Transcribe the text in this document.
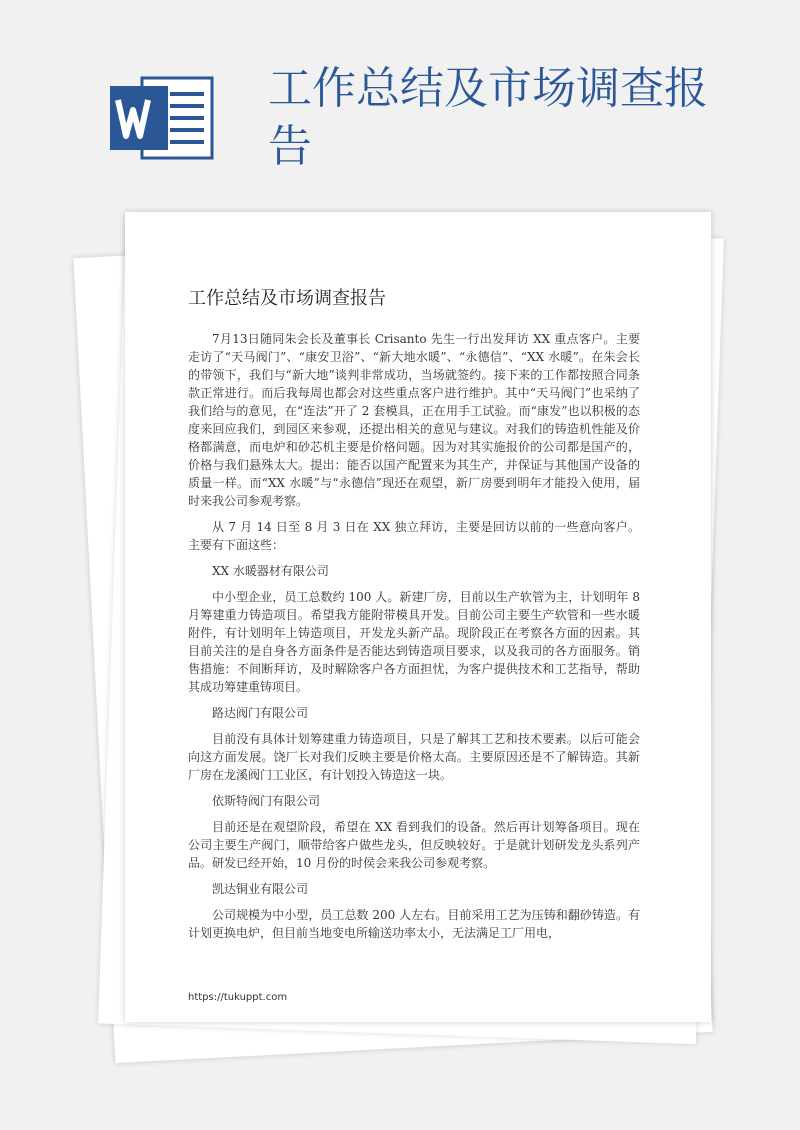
工作总结及市场调查报告
工作总结及市场调查报告

7月13日随同朱会长及董事长 Crisanto 先生一行出发拜访 XX 重点客户。主要走访了“天马阀门”、“康安卫浴”、“新大地水暖”、“永德信”、“XX 水暖”。在朱会长的带领下，我们与“新大地”谈判非常成功，当场就签约。接下来的工作都按照合同条款正常进行。而后我每周也都会对这些重点客户进行维护。其中“天马阀门”也采纳了我们给与的意见，在“连法”开了 2 套模具，正在用手工试验。而“康发”也以积极的态度来回应我们，到园区来参观，还提出相关的意见与建议。对我们的铸造机性能及价格都满意，而电炉和砂芯机主要是价格问题。因为对其实施报价的公司都是国产的，价格与我们悬殊太大。提出：能否以国产配置来为其生产，并保证与其他国产设备的质量一样。而“XX 水暖”与“永德信”现还在观望，新厂房要到明年才能投入使用，届时来我公司参观考察。

从 7 月 14 日至 8 月 3 日在 XX 独立拜访，主要是回访以前的一些意向客户。主要有下面这些：

XX 水暖器材有限公司

中小型企业，员工总数约 100 人。新建厂房，目前以生产软管为主，计划明年 8 月筹建重力铸造项目。希望我方能附带模具开发。目前公司主要生产软管和一些水暖附件，有计划明年上铸造项目，开发龙头新产品。现阶段正在考察各方面的因素。其目前关注的是自身各方面条件是否能达到铸造项目要求，以及我司的各方面服务。销售措施：不间断拜访，及时解除客户各方面担忧，为客户提供技术和工艺指导，帮助其成功筹建重铸项目。

路达阀门有限公司

目前没有具体计划筹建重力铸造项目，只是了解其工艺和技术要素。以后可能会向这方面发展。饶厂长对我们反映主要是价格太高。主要原因还是不了解铸造。其新厂房在龙溪阀门工业区，有计划投入铸造这一块。

依斯特阀门有限公司

目前还是在观望阶段，希望在 XX 看到我们的设备。然后再计划筹备项目。现在公司主要生产阀门，顺带给客户做些龙头，但反映较好。于是就计划研发龙头系列产品。研发已经开始，10 月份的时侯会来我公司参观考察。

凯达铜业有限公司

公司规模为中小型，员工总数 200 人左右。目前采用工艺为压铸和翻砂铸造。有计划更换电炉，但目前当地变电所输送功率太小，无法满足工厂用电，

https://tukuppt.com
